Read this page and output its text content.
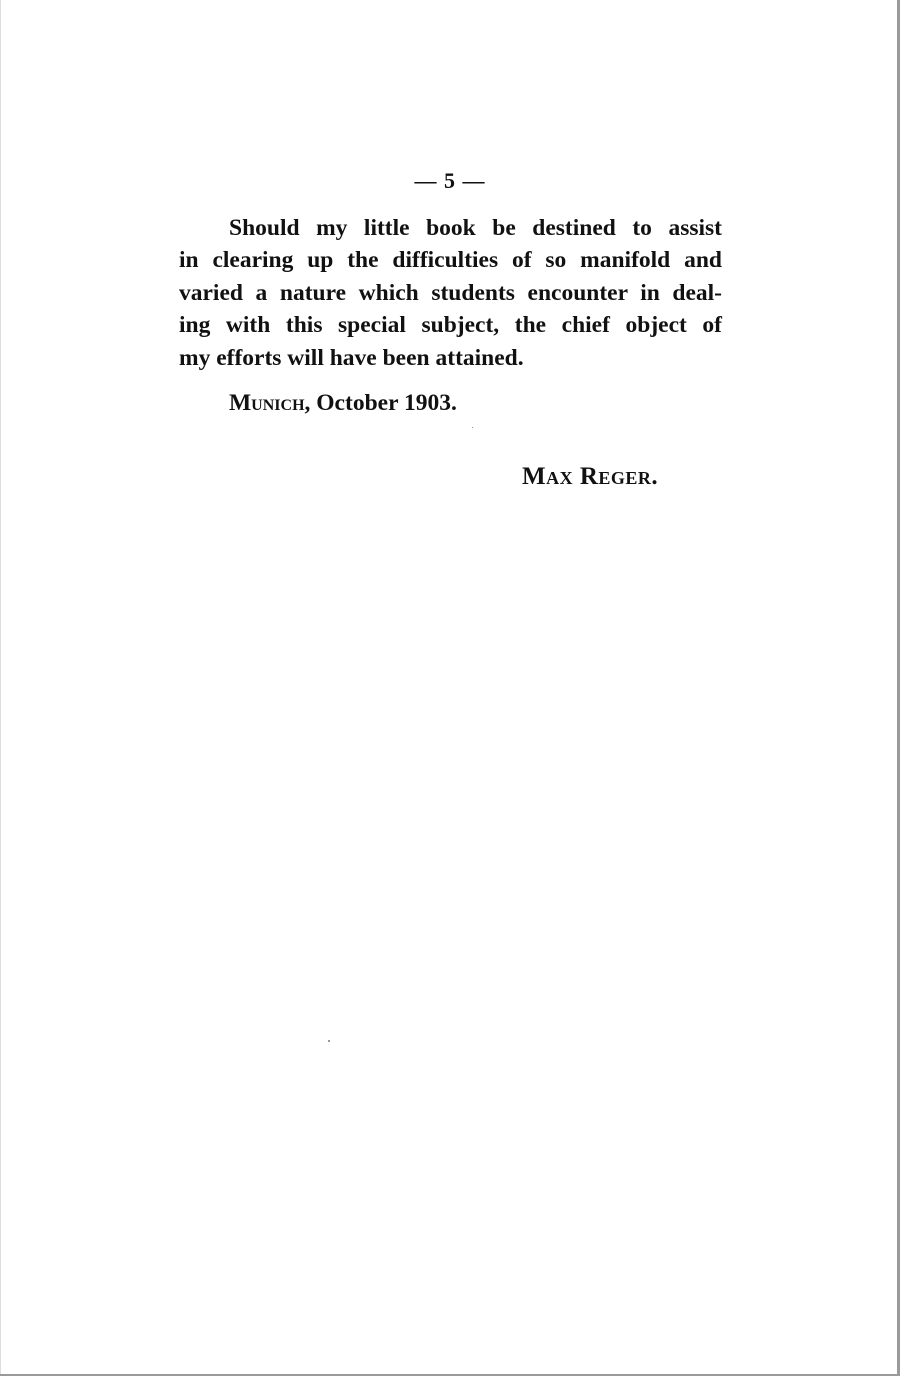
— 5 —
Should my little book be destined to assist
in clearing up the difficulties of so manifold and
varied a nature which students encounter in deal-
ing with this special subject, the chief object of
my efforts will have been attained.
Munich, October 1903.
Max Reger.
